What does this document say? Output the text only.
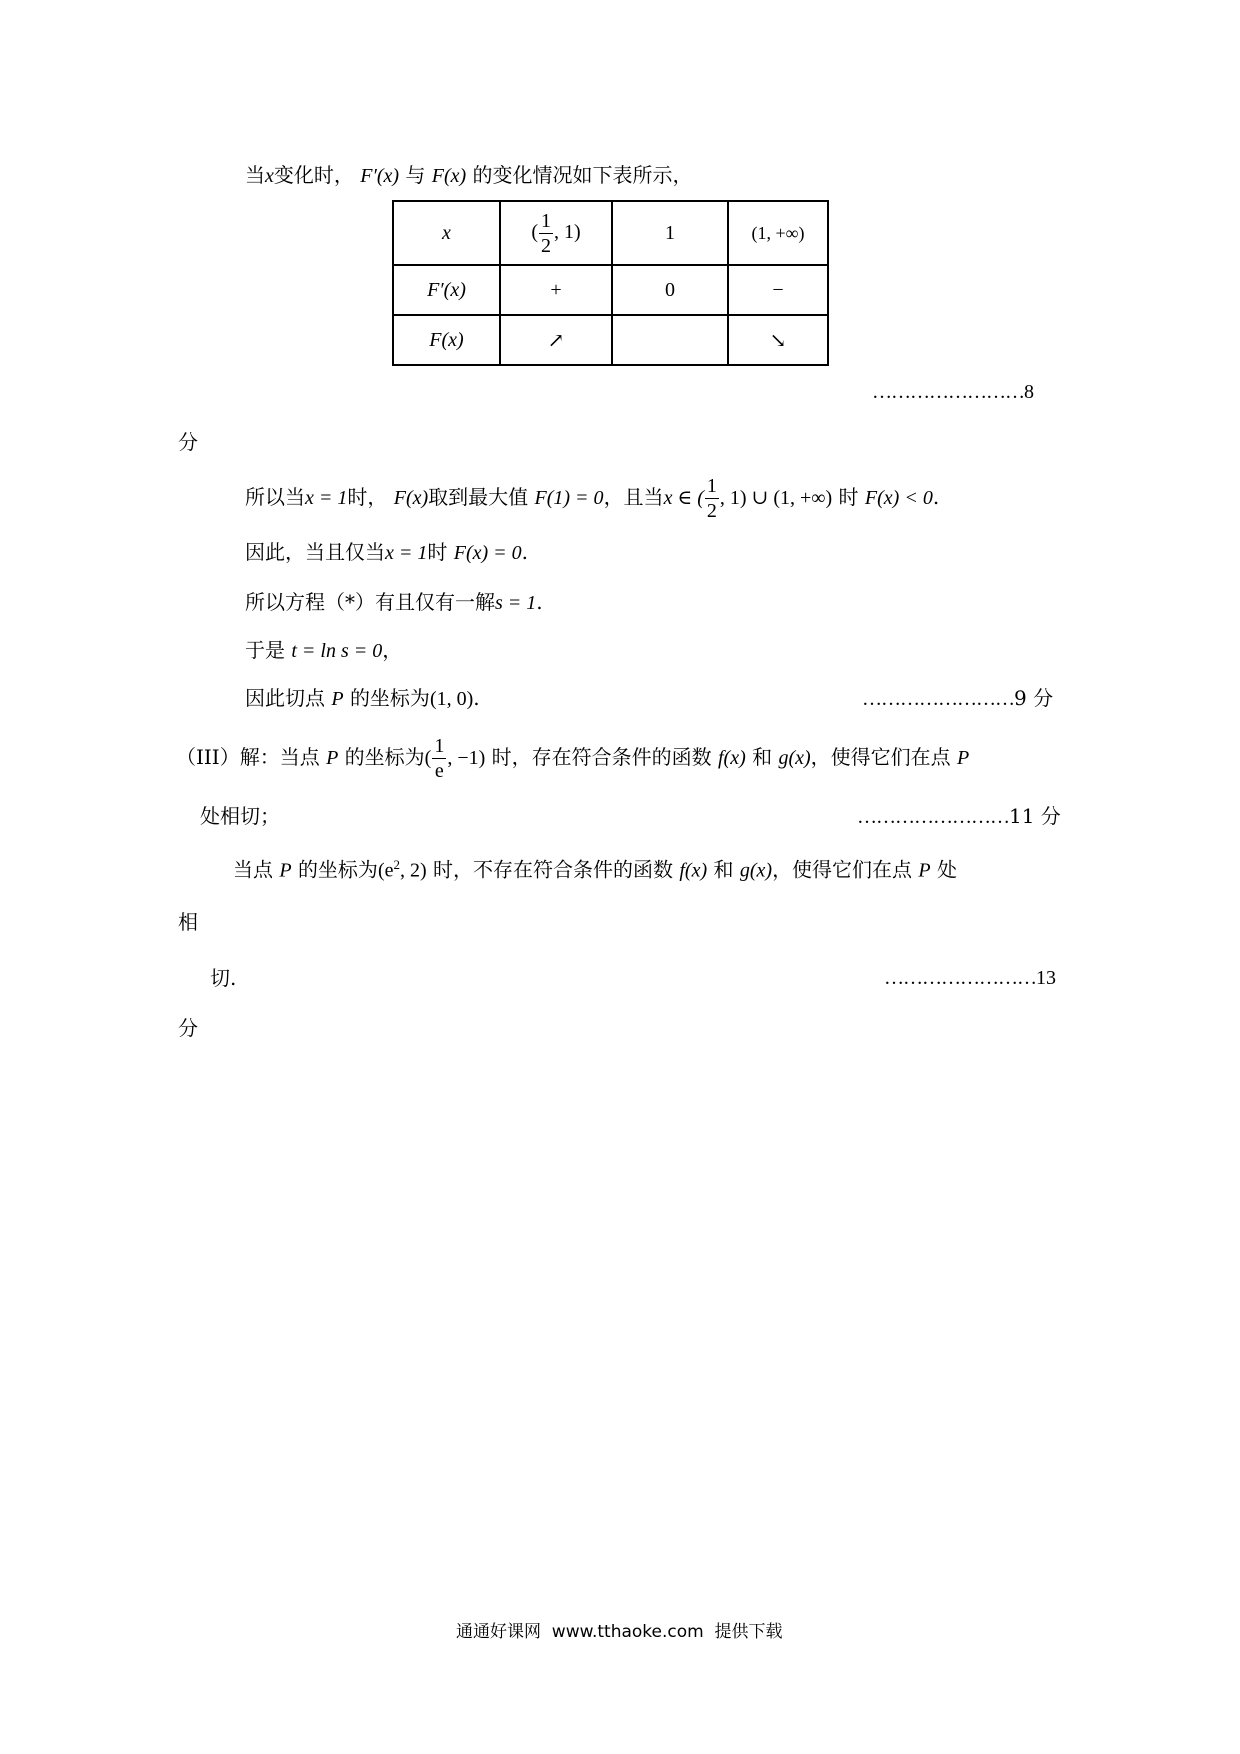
当x变化时， F′(x) 与 F(x) 的变化情况如下表所示，
x	( $\frac{1}{2}$ , 1)	1	(1, +∞)
F′(x)	+	0	−
F(x)	↗		↘
……………………8
分
所以当x = 1时， F(x)取到最大值 F(1) = 0，且当x ∈ ( $\frac{1}{2}$ , 1) ∪ (1, +∞) 时 F(x) < 0.
因此，当且仅当x = 1时 F(x) = 0.
所以方程（*）有且仅有一解s = 1.
于是 t = ln s = 0，
因此切点 P 的坐标为(1, 0).	……………………9 分
（III）解：当点 P 的坐标为( $\frac{1}{e}$ , −1) 时，存在符合条件的函数 f(x) 和 g(x)，使得它们在点 P
处相切；	……………………11 分
当点 P 的坐标为($e^2$, 2) 时，不存在符合条件的函数 f(x) 和 g(x)，使得它们在点 P 处
相
切.	……………………13
分
通通好课网  www.tthaoke.com  提供下载
